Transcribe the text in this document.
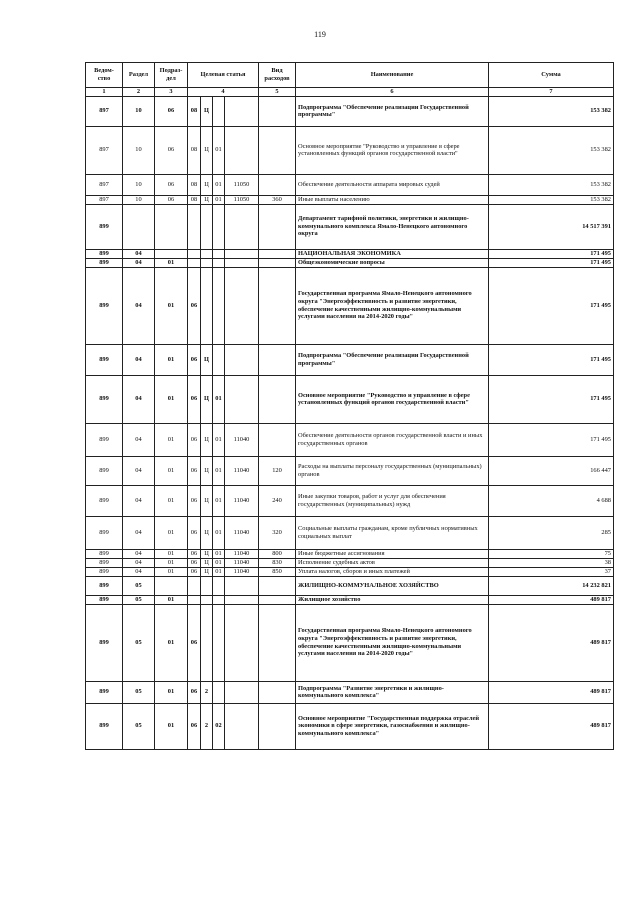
119
Ведом-ство	Раздел	Подраз-дел	Целевая статья				Вид расходов	Наименование	Сумма
1	2	3	4				5	6	7
897	10	06	08	Ц				Подпрограмма "Обеспечение реализации Государственной программы"	153 382
897	10	06	08	Ц	01			Основное мероприятие "Руководство и управление в сфере установленных функций органов государственной власти"	153 382
897	10	06	08	Ц	01	11050		Обеспечение деятельности аппарата мировых судей	153 382
897	10	06	08	Ц	01	11050	360	Иные выплаты населению	153 382
899								Департамент тарифной политики, энергетики и жилищно-коммунального комплекса Ямало-Ненецкого автономного округа	14 517 391
899	04							НАЦИОНАЛЬНАЯ ЭКОНОМИКА	171 495
899	04	01						Общеэкономические вопросы	171 495
899	04	01	06					Государственная программа Ямало-Ненецкого автономного округа "Энергоэффективность и развитие энергетики, обеспечение качественными жилищно-коммунальными услугами населения на 2014-2020 годы"	171 495
899	04	01	06	Ц				Подпрограмма "Обеспечение реализации Государственной программы"	171 495
899	04	01	06	Ц	01			Основное мероприятие "Руководство и управление в сфере установленных функций органов государственной власти"	171 495
899	04	01	06	Ц	01	11040		Обеспечение деятельности органов государственной власти и иных государственных органов	171 495
899	04	01	06	Ц	01	11040	120	Расходы на выплаты персоналу государственных (муниципальных) органов	166 447
899	04	01	06	Ц	01	11040	240	Иные закупки товаров, работ и услуг для обеспечения государственных (муниципальных) нужд	4 688
899	04	01	06	Ц	01	11040	320	Социальные выплаты гражданам, кроме публичных нормативных социальных выплат	285
899	04	01	06	Ц	01	11040	800	Иные бюджетные ассигнования	75
899	04	01	06	Ц	01	11040	830	Исполнение судебных актов	38
899	04	01	06	Ц	01	11040	850	Уплата налогов, сборов и иных платежей	37
899	05							ЖИЛИЩНО-КОММУНАЛЬНОЕ ХОЗЯЙСТВО	14 232 821
899	05	01						Жилищное хозяйство	489 817
899	05	01	06					Государственная программа Ямало-Ненецкого автономного округа "Энергоэффективность и развитие энергетики, обеспечение качественными жилищно-коммунальными услугами населения на 2014-2020 годы"	489 817
899	05	01	06	2				Подпрограмма "Развитие энергетики и жилищно-коммунального комплекса"	489 817
899	05	01	06	2	02			Основное мероприятие "Государственная поддержка отраслей экономики в сфере энергетики, газоснабжения и жилищно-коммунального комплекса"	489 817
